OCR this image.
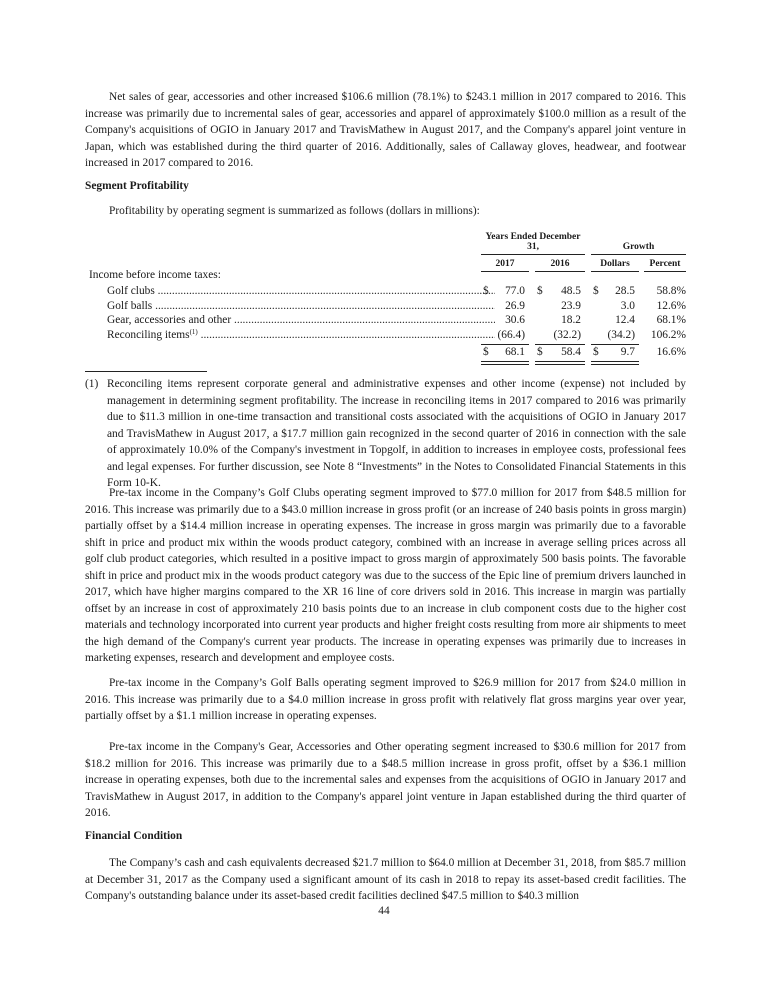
Net sales of gear, accessories and other increased $106.6 million (78.1%) to $243.1 million in 2017 compared to 2016. This increase was primarily due to incremental sales of gear, accessories and apparel of approximately $100.0 million as a result of the Company's acquisitions of OGIO in January 2017 and TravisMathew in August 2017, and the Company's apparel joint venture in Japan, which was established during the third quarter of 2016. Additionally, sales of Callaway gloves, headwear, and footwear increased in 2017 compared to 2016.
Segment Profitability
Profitability by operating segment is summarized as follows (dollars in millions):
Years Ended December 31,	Growth
2017	2016	Dollars	Percent
Income before income taxes:
Golf clubs .....	$	77.0 $	48.5 $	28.5	58.8%
Golf balls .....	26.9	23.9	3.0	12.6%
Gear, accessories and other .....	30.6	18.2	12.4	68.1%
Reconciling items$^{(1)}$ .....	(66.4)	(32.2)	(34.2)	106.2%
$	68.1 $	58.4 $	9.7	16.6%
(1) Reconciling items represent corporate general and administrative expenses and other income (expense) not included by management in determining segment profitability. The increase in reconciling items in 2017 compared to 2016 was primarily due to $11.3 million in one-time transaction and transitional costs associated with the acquisitions of OGIO in January 2017 and TravisMathew in August 2017, a $17.7 million gain recognized in the second quarter of 2016 in connection with the sale of approximately 10.0% of the Company's investment in Topgolf, in addition to increases in employee costs, professional fees and legal expenses. For further discussion, see Note 8 “Investments” in the Notes to Consolidated Financial Statements in this Form 10-K.
Pre-tax income in the Company’s Golf Clubs operating segment improved to $77.0 million for 2017 from $48.5 million for 2016. This increase was primarily due to a $43.0 million increase in gross profit (or an increase of 240 basis points in gross margin) partially offset by a $14.4 million increase in operating expenses. The increase in gross margin was primarily due to a favorable shift in price and product mix within the woods product category, combined with an increase in average selling prices across all golf club product categories, which resulted in a positive impact to gross margin of approximately 500 basis points. The favorable shift in price and product mix in the woods product category was due to the success of the Epic line of premium drivers launched in 2017, which have higher margins compared to the XR 16 line of core drivers sold in 2016. This increase in margin was partially offset by an increase in cost of approximately 210 basis points due to an increase in club component costs due to the higher cost materials and technology incorporated into current year products and higher freight costs resulting from more air shipments to meet the high demand of the Company's current year products. The increase in operating expenses was primarily due to increases in marketing expenses, research and development and employee costs.
Pre-tax income in the Company’s Golf Balls operating segment improved to $26.9 million for 2017 from $24.0 million in 2016. This increase was primarily due to a $4.0 million increase in gross profit with relatively flat gross margins year over year, partially offset by a $1.1 million increase in operating expenses.
Pre-tax income in the Company's Gear, Accessories and Other operating segment increased to $30.6 million for 2017 from $18.2 million for 2016. This increase was primarily due to a $48.5 million increase in gross profit, offset by a $36.1 million increase in operating expenses, both due to the incremental sales and expenses from the acquisitions of OGIO in January 2017 and TravisMathew in August 2017, in addition to the Company's apparel joint venture in Japan established during the third quarter of 2016.
Financial Condition
The Company’s cash and cash equivalents decreased $21.7 million to $64.0 million at December 31, 2018, from $85.7 million at December 31, 2017 as the Company used a significant amount of its cash in 2018 to repay its asset-based credit facilities. The Company's outstanding balance under its asset-based credit facilities declined $47.5 million to $40.3 million
44
